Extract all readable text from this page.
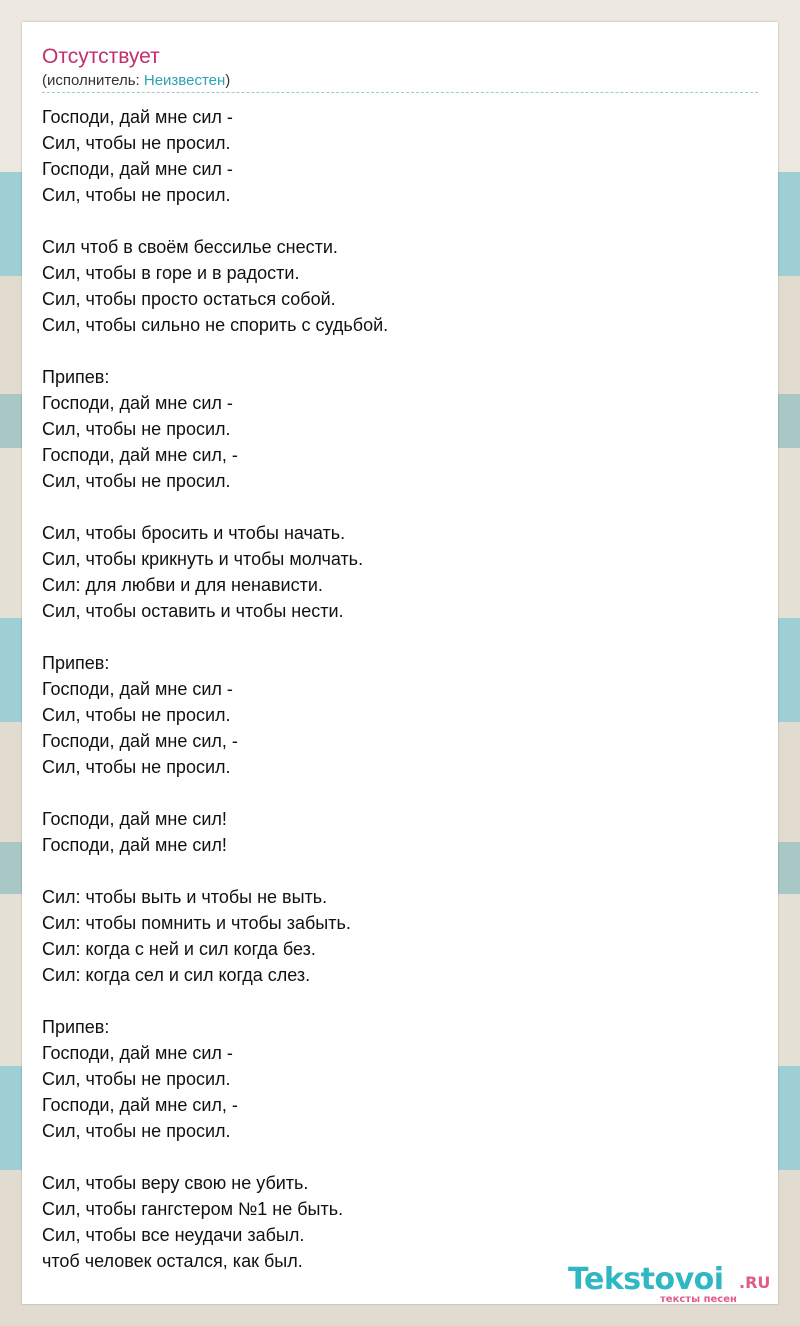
Отсутствует
(исполнитель: Неизвестен)
Господи, дай мне сил -
Сил, чтобы не просил.
Господи, дай мне сил -
Сил, чтобы не просил.
Сил чтоб в своём бессилье снести.
Сил, чтобы в горе и в радости.
Сил, чтобы просто остаться собой.
Сил, чтобы сильно не спорить с судьбой.
Припев:
Господи, дай мне сил -
Сил, чтобы не просил.
Господи, дай мне сил, -
Сил, чтобы не просил.
Сил, чтобы бросить и чтобы начать.
Сил, чтобы крикнуть и чтобы молчать.
Сил: для любви и для ненависти.
Сил, чтобы оставить и чтобы нести.
Припев:
Господи, дай мне сил -
Сил, чтобы не просил.
Господи, дай мне сил, -
Сил, чтобы не просил.
Господи, дай мне сил!
Господи, дай мне сил!
Сил: чтобы выть и чтобы не выть.
Сил: чтобы помнить и чтобы забыть.
Сил: когда с ней и сил когда без.
Сил: когда сел и сил когда слез.
Припев:
Господи, дай мне сил -
Сил, чтобы не просил.
Господи, дай мне сил, -
Сил, чтобы не просил.
Сил, чтобы веру свою не убить.
Сил, чтобы гангстером №1 не быть.
Сил, чтобы все неудачи забыл.
чтоб человек остался, как был.
Tekstovoi .RU
тексты песен
